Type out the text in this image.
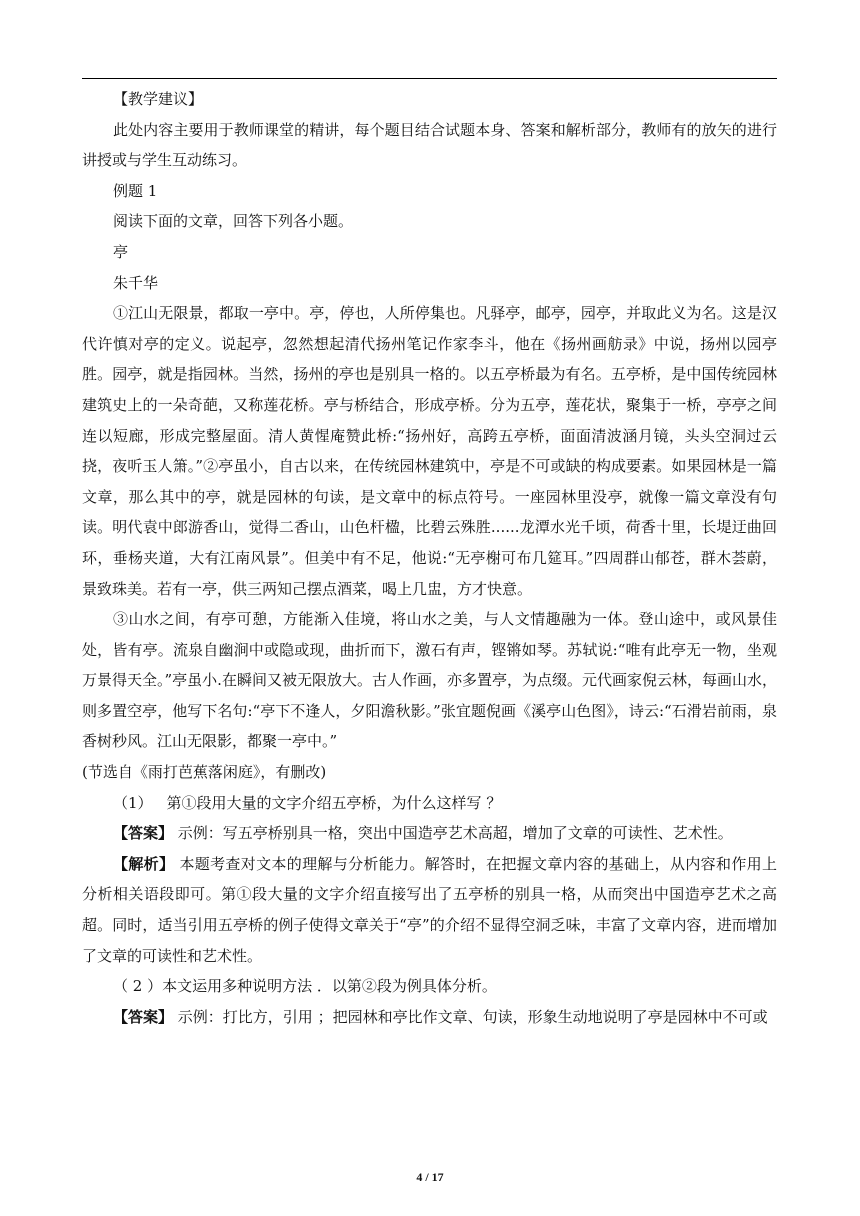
【教学建议】

此处内容主要用于教师课堂的精讲，每个题目结合试题本身、答案和解析部分，教师有的放矢的进行讲授或与学生互动练习。

例题 1

阅读下面的文章，回答下列各小题。

亭

朱千华

①江山无限景，都取一亭中。亭，停也，人所停集也。凡驿亭，邮亭，园亭，并取此义为名。这是汉代许慎对亭的定义。说起亭，忽然想起清代扬州笔记作家李斗，他在《扬州画舫录》中说，扬州以园亭胜。园亭，就是指园林。当然，扬州的亭也是别具一格的。以五亭桥最为有名。五亭桥，是中国传统园林建筑史上的一朵奇葩，又称莲花桥。亭与桥结合，形成亭桥。分为五亭，莲花状，聚集于一桥，亭亭之间连以短廊，形成完整屋面。清人黄惺庵赞此桥:“扬州好，高跨五亭桥，面面清波涵月镜，头头空洞过云挠，夜听玉人箫。”②亭虽小，自古以来，在传统园林建筑中，亭是不可或缺的构成要素。如果园林是一篇文章，那么其中的亭，就是园林的句读，是文章中的标点符号。一座园林里没亭，就像一篇文章没有句读。明代袁中郎游香山，觉得二香山，山色杆楹，比碧云殊胜......龙潭水光千顷，荷香十里，长堤迂曲回环，垂杨夹道，大有江南风景”。但美中有不足，他说:“无亭榭可布几筵耳。”四周群山郁苍，群木荟蔚，景致珠美。若有一亭，供三两知己摆点酒菜，喝上几盅，方才快意。

③山水之间，有亭可憩，方能渐入佳境，将山水之美，与人文情趣融为一体。登山途中，或风景佳处，皆有亭。流泉自幽涧中或隐或现，曲折而下，激石有声，铿锵如琴。苏轼说:“唯有此亭无一物，坐观万景得天全。”亭虽小.在瞬间又被无限放大。古人作画，亦多置亭，为点缀。元代画家倪云林，每画山水，则多置空亭，他写下名句:“亭下不逢人，夕阳澹秋影。”张宜题倪画《溪亭山色图》，诗云:“石滑岩前雨，泉香树秒风。江山无限影，都聚一亭中。”

(节选自《雨打芭蕉落闲庭》，有删改)

（1） 第①段用大量的文字介绍五亭桥，为什么这样写 ？

【答案】 示例：写五亭桥别具一格，突出中国造亭艺术高超，增加了文章的可读性、艺术性。

【解析】 本题考查对文本的理解与分析能力。解答时，在把握文章内容的基础上，从内容和作用上分析相关语段即可。第①段大量的文字介绍直接写出了五亭桥的别具一格，从而突出中国造亭艺术之高超。同时，适当引用五亭桥的例子使得文章关于“亭”的介绍不显得空洞乏味，丰富了文章内容，进而增加了文章的可读性和艺术性。

（ 2 ）本文运用多种说明方法 ．以第②段为例具体分析。

【答案】 示例：打比方，引用 ；把园林和亭比作文章、句读，形象生动地说明了亭是园林中不可或

4 / 17
